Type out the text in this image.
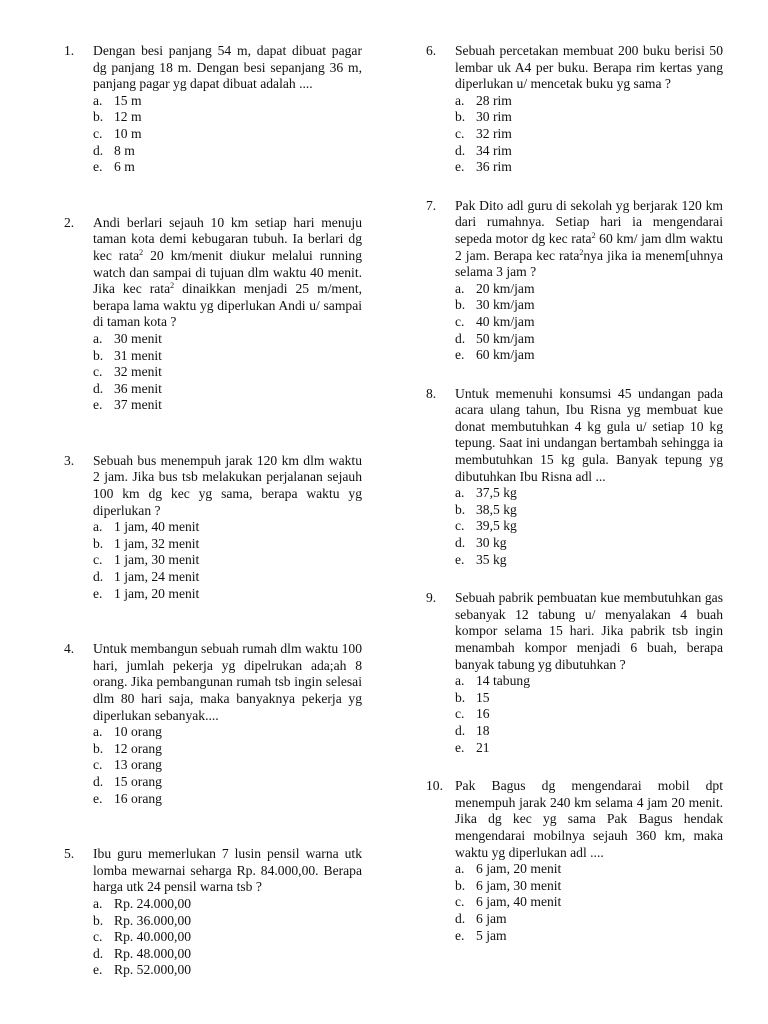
1. Dengan besi panjang 54 m, dapat dibuat pagar dg panjang 18 m. Dengan besi sepanjang 36 m, panjang pagar yg dapat dibuat adalah ....
a. 15 m
b. 12 m
c. 10 m
d. 8 m
e. 6 m
2. Andi berlari sejauh 10 km setiap hari menuju taman kota demi kebugaran tubuh. Ia berlari dg kec rata$^2$ 20 km/menit diukur melalui running watch dan sampai di tujuan dlm waktu 40 menit. Jika kec rata$^2$ dinaikkan menjadi 25 m/ment, berapa lama waktu yg diperlukan Andi u/ sampai di taman kota ?
a. 30 menit
b. 31 menit
c. 32 menit
d. 36 menit
e. 37 menit
3. Sebuah bus menempuh jarak 120 km dlm waktu 2 jam. Jika bus tsb melakukan perjalanan sejauh 100 km dg kec yg sama, berapa waktu yg diperlukan ?
a. 1 jam, 40 menit
b. 1 jam, 32 menit
c. 1 jam, 30 menit
d. 1 jam, 24 menit
e. 1 jam, 20 menit
4. Untuk membangun sebuah rumah dlm waktu 100 hari, jumlah pekerja yg dipelrukan ada;ah 8 orang. Jika pembangunan rumah tsb ingin selesai dlm 80 hari saja, maka banyaknya pekerja yg diperlukan sebanyak....
a. 10 orang
b. 12 orang
c. 13 orang
d. 15 orang
e. 16 orang
5. Ibu guru memerlukan 7 lusin pensil warna utk lomba mewarnai seharga Rp. 84.000,00. Berapa harga utk 24 pensil warna tsb ?
a. Rp. 24.000,00
b. Rp. 36.000,00
c. Rp. 40.000,00
d. Rp. 48.000,00
e. Rp. 52.000,00
6. Sebuah percetakan membuat 200 buku berisi 50 lembar uk A4 per buku. Berapa rim kertas yang diperlukan u/ mencetak buku yg sama ?
a. 28 rim
b. 30 rim
c. 32 rim
d. 34 rim
e. 36 rim
7. Pak Dito adl guru di sekolah yg berjarak 120 km dari rumahnya. Setiap hari ia mengendarai sepeda motor dg kec rata$^2$ 60 km/ jam dlm waktu 2 jam. Berapa kec rata$^2$nya jika ia menem[uhnya selama 3 jam ?
a. 20 km/jam
b. 30 km/jam
c. 40 km/jam
d. 50 km/jam
e. 60 km/jam
8. Untuk memenuhi konsumsi 45 undangan pada acara ulang tahun, Ibu Risna yg membuat kue donat membutuhkan 4 kg gula u/ setiap 10 kg tepung. Saat ini undangan bertambah sehingga ia membutuhkan 15 kg gula. Banyak tepung yg dibutuhkan Ibu Risna adl ...
a. 37,5 kg
b. 38,5 kg
c. 39,5 kg
d. 30 kg
e. 35 kg
9. Sebuah pabrik pembuatan kue membutuhkan gas sebanyak 12 tabung u/ menyalakan 4 buah kompor selama 15 hari. Jika pabrik tsb ingin menambah kompor menjadi 6 buah, berapa banyak tabung yg dibutuhkan ?
a. 14 tabung
b. 15
c. 16
d. 18
e. 21
10. Pak Bagus dg mengendarai mobil dpt menempuh jarak 240 km selama 4 jam 20 menit. Jika dg kec yg sama Pak Bagus hendak mengendarai mobilnya sejauh 360 km, maka waktu yg diperlukan adl ....
a. 6 jam, 20 menit
b. 6 jam, 30 menit
c. 6 jam, 40 menit
d. 6 jam
e. 5 jam
